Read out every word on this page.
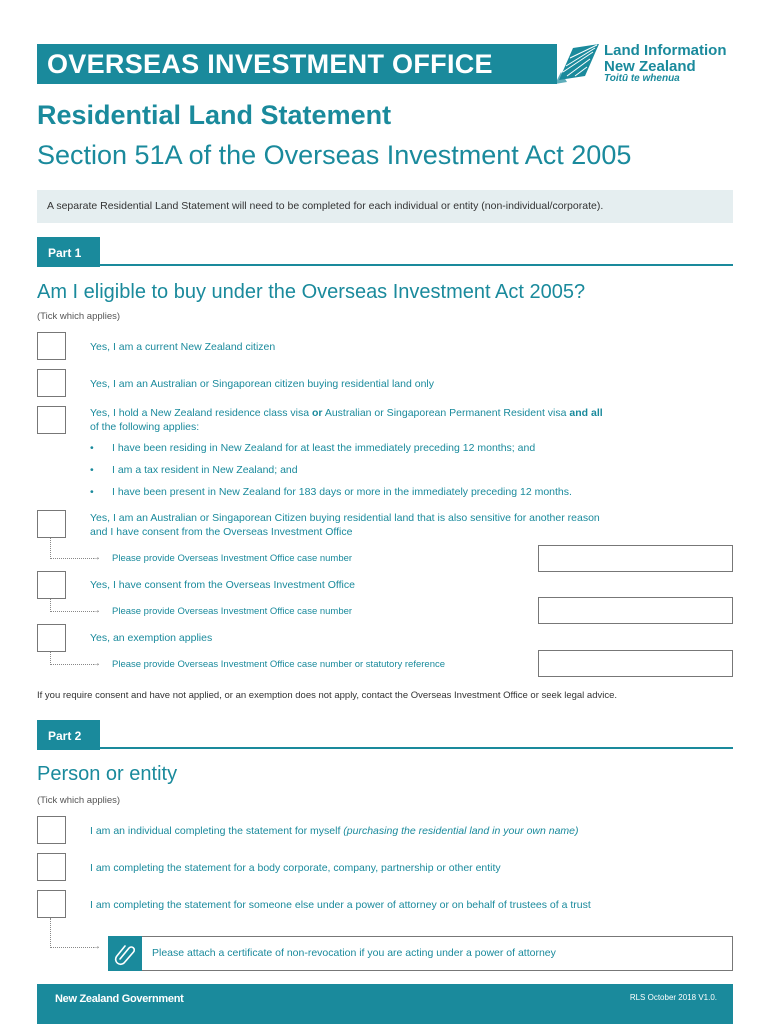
OVERSEAS INVESTMENT OFFICE	Land Information
New Zealand
Toitū te whenua
Residential Land Statement
Section 51A of the Overseas Investment Act 2005
A separate Residential Land Statement will need to be completed for each individual or entity (non-individual/corporate).
Part 1
Am I eligible to buy under the Overseas Investment Act 2005?
(Tick which applies)
Yes, I am a current New Zealand citizen
Yes, I am an Australian or Singaporean citizen buying residential land only
Yes, I hold a New Zealand residence class visa or Australian or Singaporean Permanent Resident visa and all
of the following applies:
• I have been residing in New Zealand for at least the immediately preceding 12 months; and
• I am a tax resident in New Zealand; and
• I have been present in New Zealand for 183 days or more in the immediately preceding 12 months.
Yes, I am an Australian or Singaporean Citizen buying residential land that is also sensitive for another reason
and I have consent from the Overseas Investment Office
→ Please provide Overseas Investment Office case number
Yes, I have consent from the Overseas Investment Office
→ Please provide Overseas Investment Office case number
Yes, an exemption applies
→ Please provide Overseas Investment Office case number or statutory reference
If you require consent and have not applied, or an exemption does not apply, contact the Overseas Investment Office or seek legal advice.
Part 2
Person or entity
(Tick which applies)
I am an individual completing the statement for myself (purchasing the residential land in your own name)
I am completing the statement for a body corporate, company, partnership or other entity
I am completing the statement for someone else under a power of attorney or on behalf of trustees of a trust
→
Please attach a certificate of non-revocation if you are acting under a power of attorney
New Zealand Government	RLS October 2018 V1.0.
